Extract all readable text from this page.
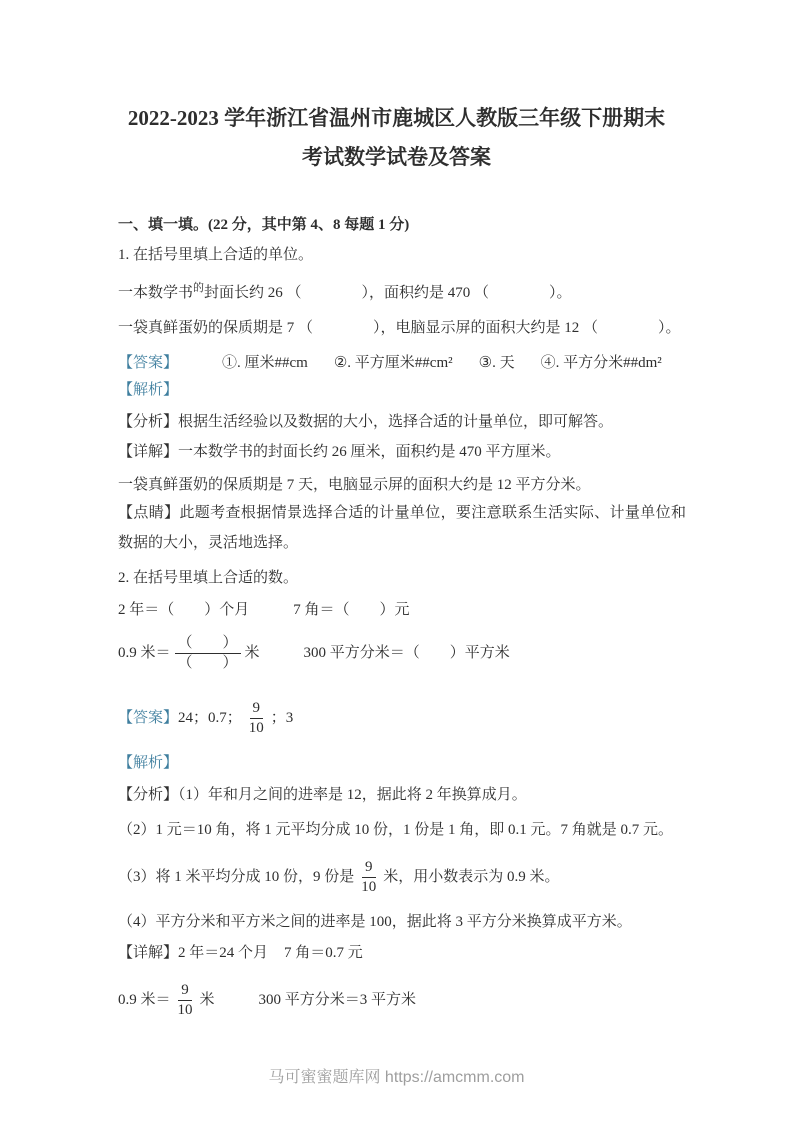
2022-2023 学年浙江省温州市鹿城区人教版三年级下册期末
考试数学试卷及答案
一、填一填。(22 分，其中第 4、8 每题 1 分)
1. 在括号里填上合适的单位。
一本数学书$^的$封面长约 26 （　　　　），面积约是 470 （　　　　）。
一袋真鲜蛋奶的保质期是 7 （　　　　），电脑显示屏的面积大约是 12 （　　　　）。
【答案】	①. 厘米##cm ②. 平方厘米##cm² ③. 天 ④. 平方分米##dm²
【解析】
【分析】根据生活经验以及数据的大小，选择合适的计量单位，即可解答。
【详解】一本数学书的封面长约 26 厘米，面积约是 470 平方厘米。
一袋真鲜蛋奶的保质期是 7 天，电脑显示屏的面积大约是 12 平方分米。
【点睛】此题考查根据情景选择合适的计量单位，要注意联系生活实际、计量单位和数据的大小，灵活地选择。
2. 在括号里填上合适的数。
2 年＝（　　）个月	7 角＝（　　）元
0.9 米＝ $\frac{( )}{( )}$ 米	300 平方分米＝（　　）平方米
【答案】 24；0.7； $\frac{9}{10}$ ；3
【解析】
【分析】（1）年和月之间的进率是 12，据此将 2 年换算成月。
（2）1 元＝10 角，将 1 元平均分成 10 份，1 份是 1 角，即 0.1 元。7 角就是 0.7 元。
（3）将 1 米平均分成 10 份，9 份是 $\frac{9}{10}$ 米，用小数表示为 0.9 米。
（4）平方分米和平方米之间的进率是 100，据此将 3 平方分米换算成平方米。
【详解】2 年＝24 个月 7 角＝0.7 元
0.9 米＝ $\frac{9}{10}$ 米	300 平方分米＝3 平方米
马可蜜蜜题库网 https://amcmm.com
